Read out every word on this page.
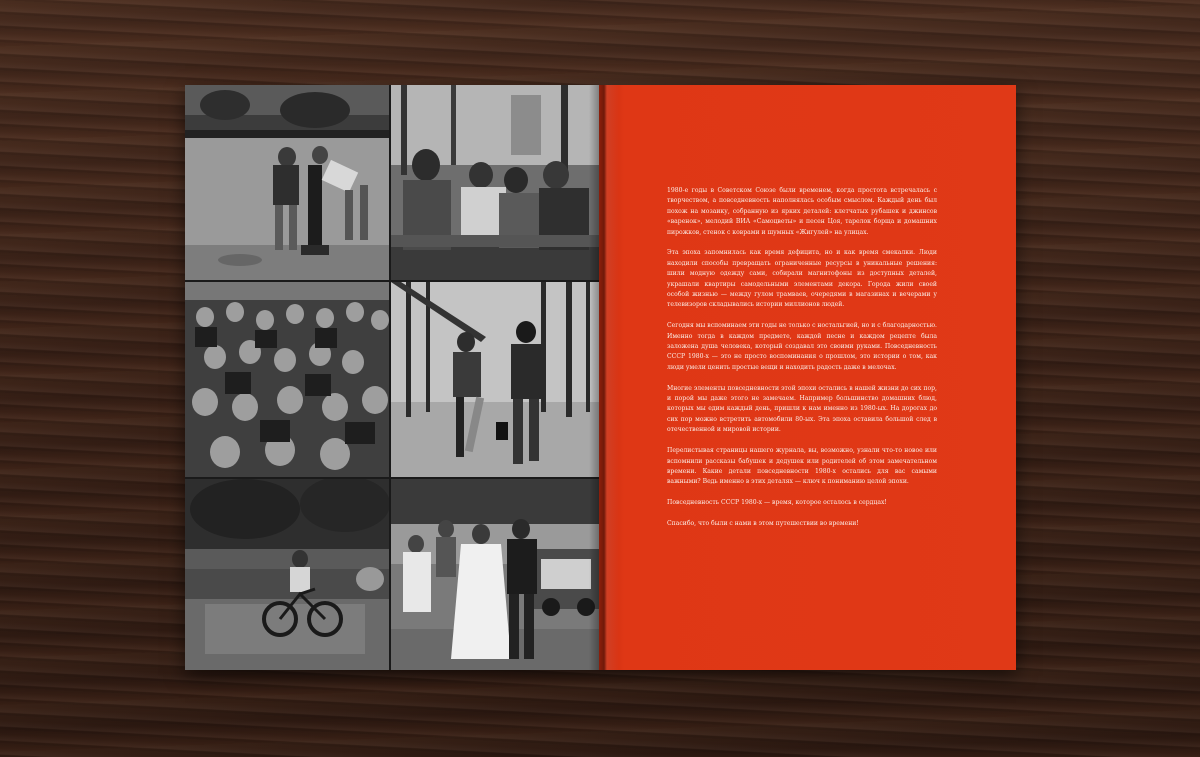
1980-е годы в Советском Союзе были временем, когда простота встречалась с творчеством, а повседневность наполнялась особым смыслом. Каждый день был похож на мозаику, собранную из ярких деталей: клетчатых рубашек и джинсов «варенок», мелодий ВИА «Самоцветы» и песен Цоя, тарелок борща и домашних пирожков, стенок с коврами и шумных «Жигулей» на улицах.

Эта эпоха запомнилась как время дефицита, но и как время смекалки. Люди находили способы превращать ограниченные ресурсы в уникальные решения: шили модную одежду сами, собирали магнитофоны из доступных деталей, украшали квартиры самодельными элементами декора. Города жили своей особой жизнью — между гулом трамваев, очередями в магазинах и вечерами у телевизоров складывались истории миллионов людей.

Сегодня мы вспоминаем эти годы не только с ностальгией, но и с благодарностью. Именно тогда в каждом предмете, каждой песне и каждом рецепте была заложена душа человека, который создавал это своими руками. Повседневность СССР 1980-х — это не просто воспоминания о прошлом, это истории о том, как люди умели ценить простые вещи и находить радость даже в мелочах.

Многие элементы повседневности этой эпохи остались в нашей жизни до сих пор, и порой мы даже этого не замечаем. Например большинство домашних блюд, которых мы едим каждый день, пришли к нам именно из 1980-ых. На дорогах до сих пор можно встретить автомобили 80-ых. Эта эпоха оставила большой след в отечественной и мировой истории.

Перелистывая страницы нашего журнала, вы, возможно, узнали что-то новое или вспомнили рассказы бабушек и дедушек или родителей об этом замечательном времени. Какие детали повседневности 1980-х остались для вас самыми важными? Ведь именно в этих деталях — ключ к пониманию целой эпохи.

Повседневность СССР 1980-х — время, которое осталось в сердцах!

Спасибо, что были с нами в этом путешествии во времени!
